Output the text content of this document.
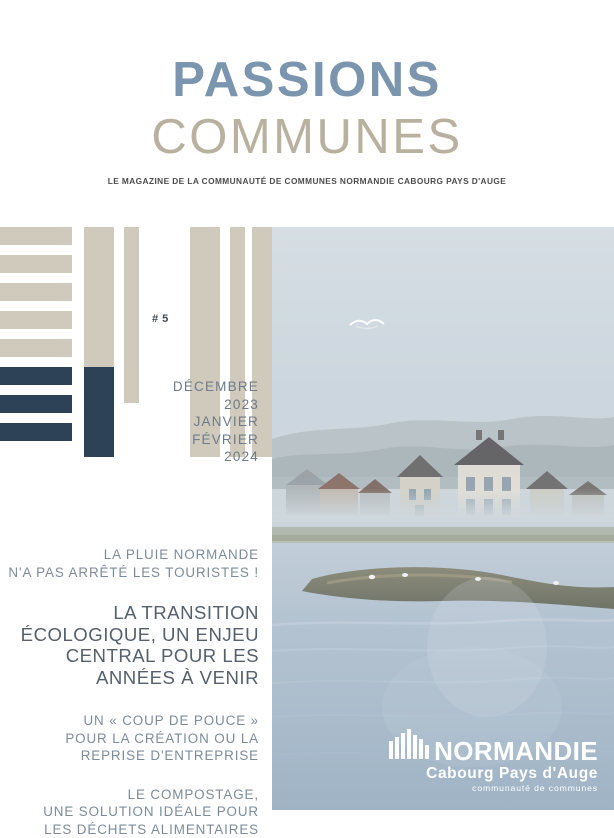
PASSIONS
COMMUNES
LE MAGAZINE DE LA COMMUNAUTÉ DE COMMUNES NORMANDIE CABOURG PAYS D'AUGE
# 5
DÉCEMBRE
2023
JANVIER
FÉVRIER
2024
LA PLUIE NORMANDE
N'A PAS ARRÊTÉ LES TOURISTES !
LA TRANSITION
ÉCOLOGIQUE, UN ENJEU
CENTRAL POUR LES
ANNÉES À VENIR
UN « COUP DE POUCE »
POUR LA CRÉATION OU LA
REPRISE D'ENTREPRISE
LE COMPOSTAGE,
UNE SOLUTION IDÉALE POUR
LES DÉCHETS ALIMENTAIRES
NORMANDIE
Cabourg Pays d'Auge
communauté de communes
